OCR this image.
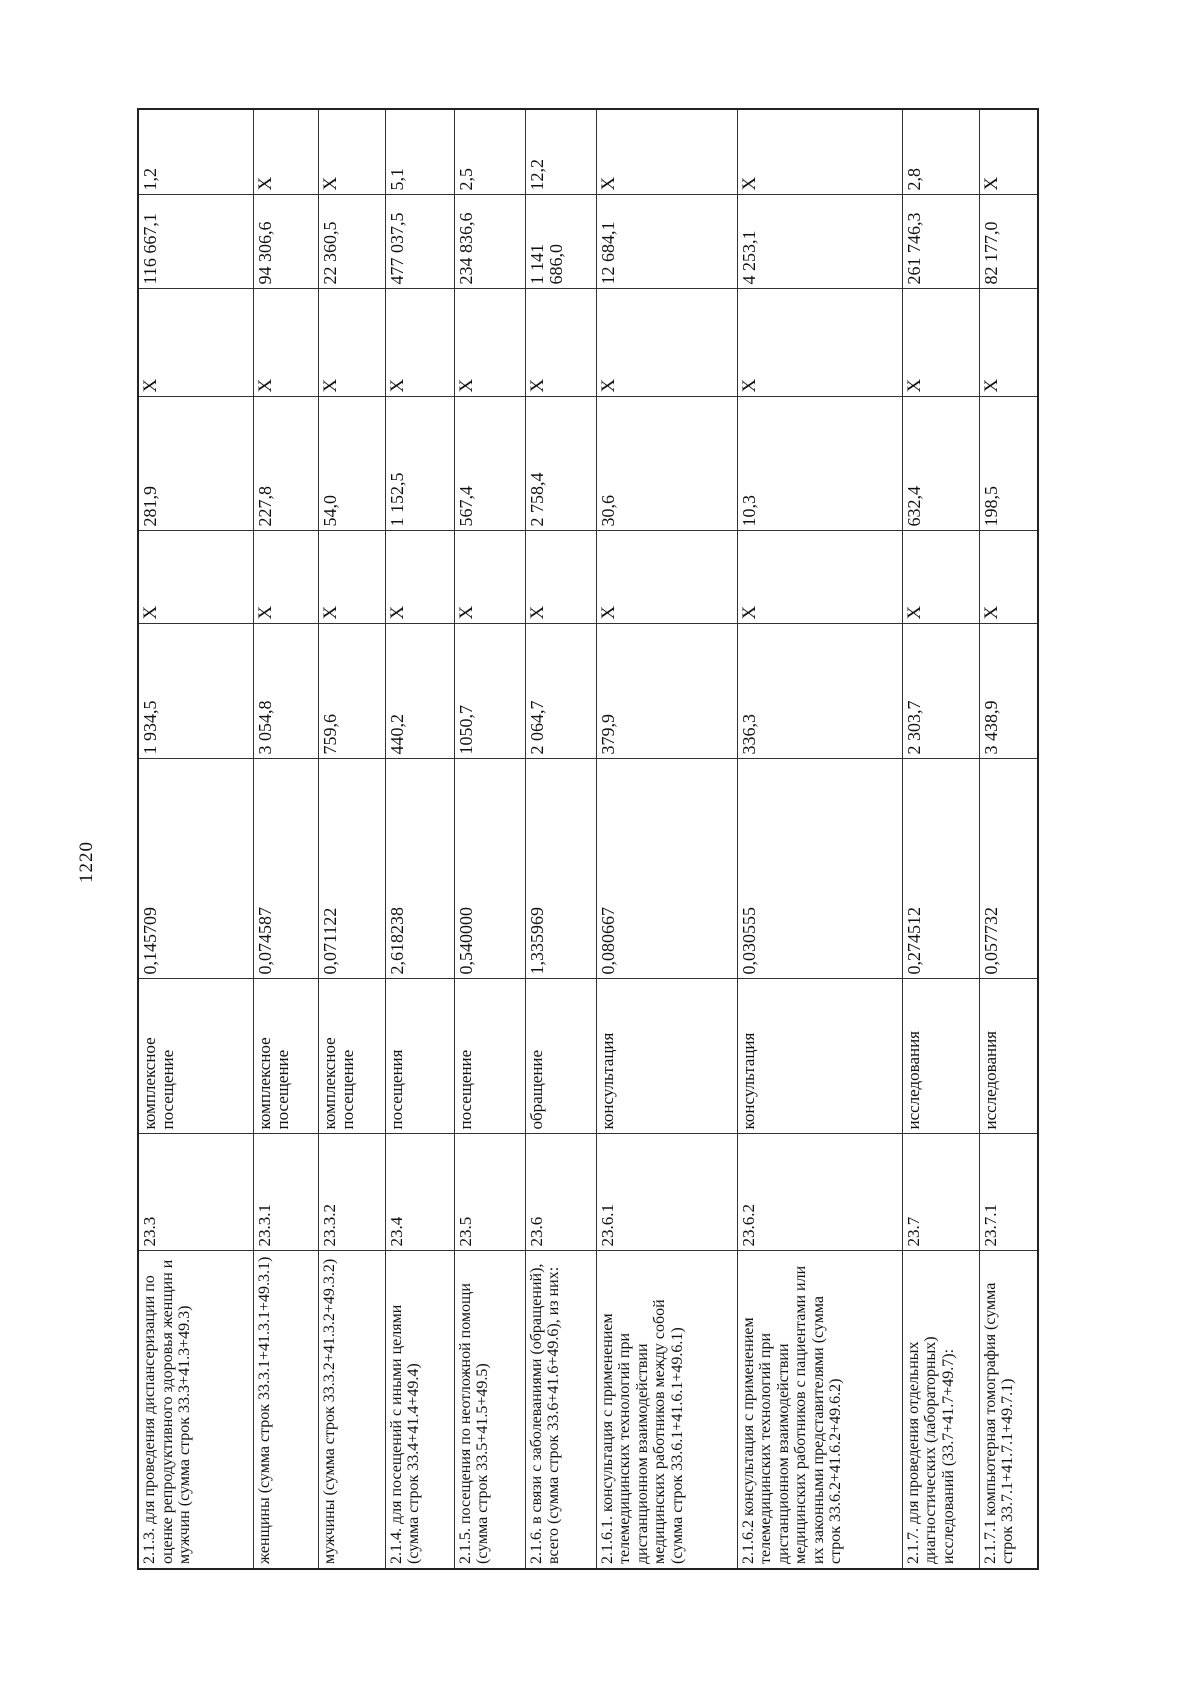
1220
2.1.3. для проведения диспансеризации по оценке репродуктивного здоровья женщин и мужчин (сумма строк 33.3+41.3+49.3)	23.3	комплексное посещение	0,145709	1 934,5	X	281,9	X	116 667,1	1,2
женщины (сумма строк 33.3.1+41.3.1+49.3.1)	23.3.1	комплексное посещение	0,074587	3 054,8	X	227,8	X	94 306,6	X
мужчины (сумма строк 33.3.2+41.3.2+49.3.2)	23.3.2	комплексное посещение	0,071122	759,6	X	54,0	X	22 360,5	X
2.1.4. для посещений с иными целями (сумма строк 33.4+41.4+49.4)	23.4	посещения	2,618238	440,2	X	1 152,5	X	477 037,5	5,1
2.1.5. посещения по неотложной помощи (сумма строк 33.5+41.5+49.5)	23.5	посещение	0,540000	1050,7	X	567,4	X	234 836,6	2,5
2.1.6. в связи с заболеваниями (обращений), всего (сумма строк 33.6+41.6+49.6), из них:	23.6	обращение	1,335969	2 064,7	X	2 758,4	X	1 141 686,0	12,2
2.1.6.1. консультация с применением телемедицинских технологий при дистанционном взаимодействии медицинских работников между собой (сумма строк 33.6.1+41.6.1+49.6.1)	23.6.1	консультация	0,080667	379,9	X	30,6	X	12 684,1	X
2.1.6.2 консультация с применением телемедицинских технологий при дистанционном взаимодействии медицинских работников с пациентами или их законными представителями (сумма строк 33.6.2+41.6.2+49.6.2)	23.6.2	консультация	0,030555	336,3	X	10,3	X	4 253,1	X
2.1.7. для проведения отдельных диагностических (лабораторных) исследований (33.7+41.7+49.7):	23.7	исследования	0,274512	2 303,7	X	632,4	X	261 746,3	2,8
2.1.7.1 компьютерная томография (сумма строк 33.7.1+41.7.1+49.7.1)	23.7.1	исследования	0,057732	3 438,9	X	198,5	X	82 177,0	X
